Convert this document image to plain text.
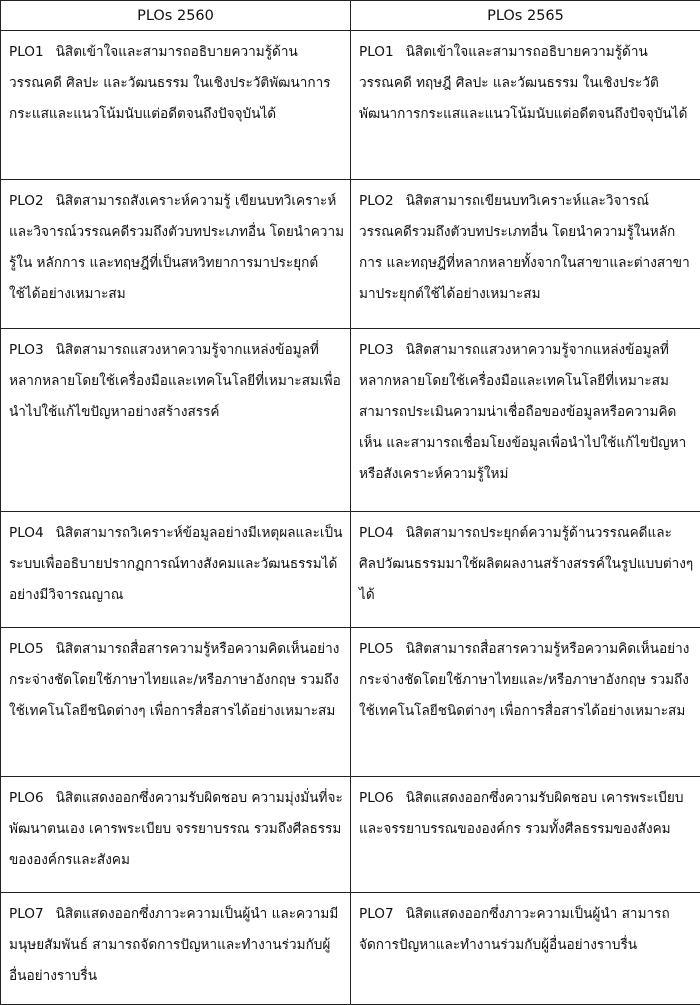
PLOs 2560	PLOs 2565
PLO1 นิสิตเข้าใจและสามารถอธิบายความรู้ด้านวรรณคดี ศิลปะ และวัฒนธรรม ในเชิงประวัติพัฒนาการ กระแสและแนวโน้มนับแต่อดีตจนถึงปัจจุบันได้	PLO1 นิสิตเข้าใจและสามารถอธิบายความรู้ด้านวรรณคดี ทฤษฎี ศิลปะ และวัฒนธรรม ในเชิงประวัติพัฒนาการกระแสและแนวโน้มนับแต่อดีตจนถึงปัจจุบันได้
PLO2 นิสิตสามารถสังเคราะห์ความรู้ เขียนบทวิเคราะห์และวิจารณ์วรรณคดีรวมถึงตัวบทประเภทอื่น โดยนำความรู้ใน หลักการ และทฤษฎีที่เป็นสหวิทยาการมาประยุกต์ใช้ได้อย่างเหมาะสม	PLO2 นิสิตสามารถเขียนบทวิเคราะห์และวิจารณ์วรรณคดีรวมถึงตัวบทประเภทอื่น โดยนำความรู้ในหลักการ และทฤษฎีที่หลากหลายทั้งจากในสาขาและต่างสาขามาประยุกต์ใช้ได้อย่างเหมาะสม
PLO3 นิสิตสามารถแสวงหาความรู้จากแหล่งข้อมูลที่หลากหลายโดยใช้เครื่องมือและเทคโนโลยีที่เหมาะสมเพื่อนำไปใช้แก้ไขปัญหาอย่างสร้างสรรค์	PLO3 นิสิตสามารถแสวงหาความรู้จากแหล่งข้อมูลที่หลากหลายโดยใช้เครื่องมือและเทคโนโลยีที่เหมาะสม สามารถประเมินความน่าเชื่อถือของข้อมูลหรือความคิดเห็น และสามารถเชื่อมโยงข้อมูลเพื่อนำไปใช้แก้ไขปัญหาหรือสังเคราะห์ความรู้ใหม่
PLO4 นิสิตสามารถวิเคราะห์ข้อมูลอย่างมีเหตุผลและเป็นระบบเพื่ออธิบายปรากฏการณ์ทางสังคมและวัฒนธรรมได้อย่างมีวิจารณญาณ	PLO4 นิสิตสามารถประยุกต์ความรู้ด้านวรรณคดีและศิลปวัฒนธรรมมาใช้ผลิตผลงานสร้างสรรค์ในรูปแบบต่างๆ ได้
PLO5 นิสิตสามารถสื่อสารความรู้หรือความคิดเห็นอย่างกระจ่างชัดโดยใช้ภาษาไทยและ/หรือภาษาอังกฤษ รวมถึงใช้เทคโนโลยีชนิดต่างๆ เพื่อการสื่อสารได้อย่างเหมาะสม	PLO5 นิสิตสามารถสื่อสารความรู้หรือความคิดเห็นอย่างกระจ่างชัดโดยใช้ภาษาไทยและ/หรือภาษาอังกฤษ รวมถึงใช้เทคโนโลยีชนิดต่างๆ เพื่อการสื่อสารได้อย่างเหมาะสม
PLO6 นิสิตแสดงออกซึ่งความรับผิดชอบ ความมุ่งมั่นที่จะพัฒนาตนเอง เคารพระเบียบ จรรยาบรรณ รวมถึงศีลธรรมขององค์กรและสังคม	PLO6 นิสิตแสดงออกซึ่งความรับผิดชอบ เคารพระเบียบและจรรยาบรรณขององค์กร รวมทั้งศีลธรรมของสังคม
PLO7 นิสิตแสดงออกซึ่งภาวะความเป็นผู้นำ และความมีมนุษยสัมพันธ์ สามารถจัดการปัญหาและทำงานร่วมกับผู้อื่นอย่างราบรื่น	PLO7 นิสิตแสดงออกซึ่งภาวะความเป็นผู้นำ สามารถจัดการปัญหาและทำงานร่วมกับผู้อื่นอย่างราบรื่น
